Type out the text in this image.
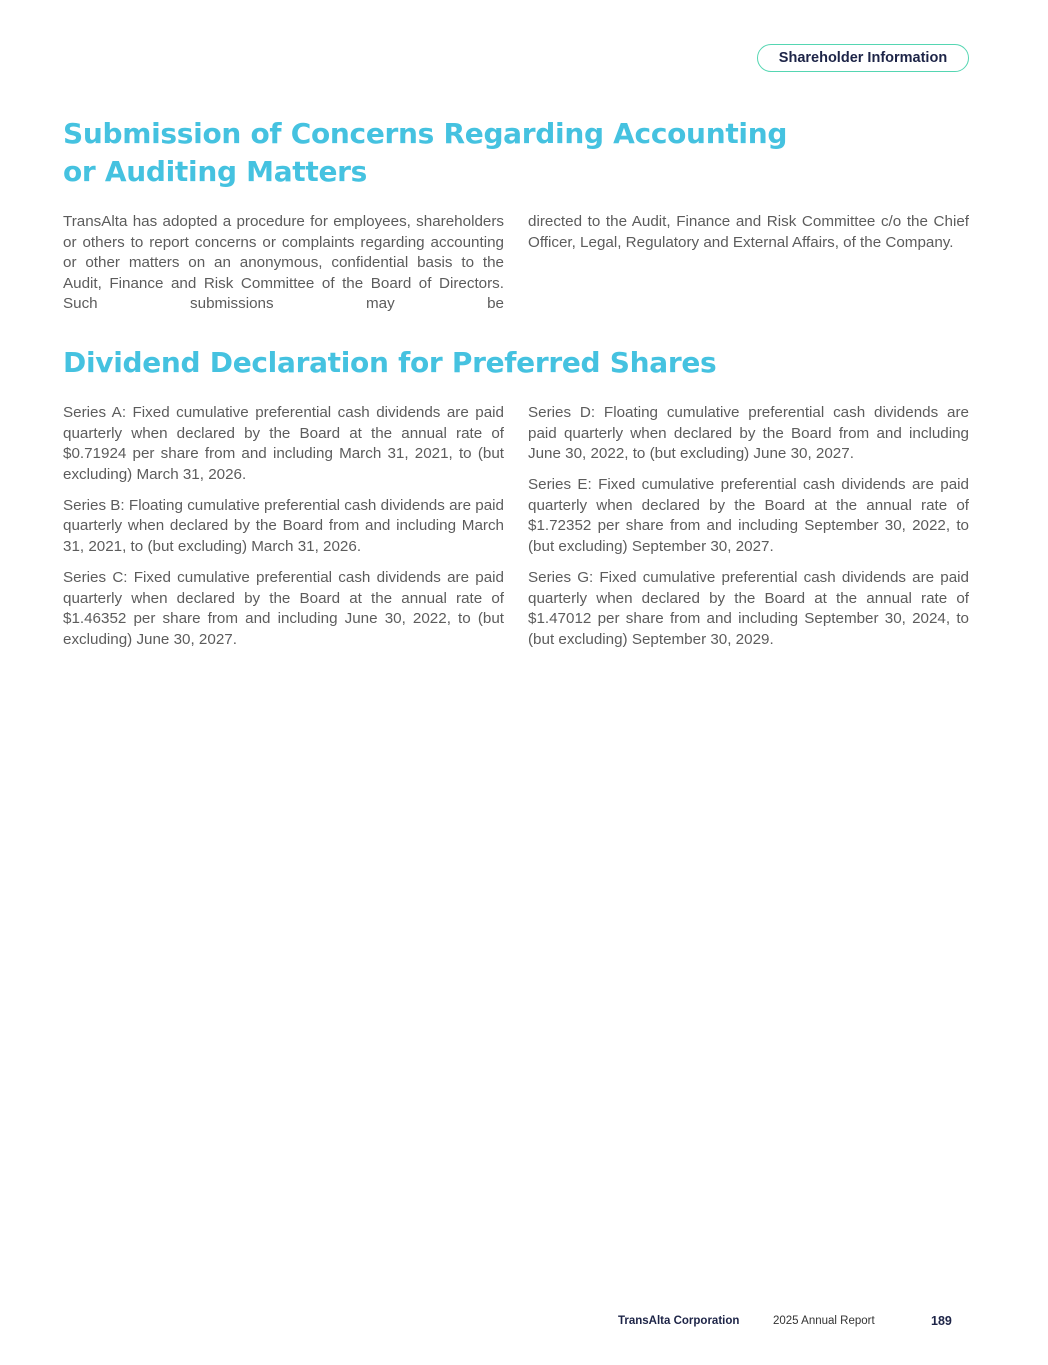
Shareholder Information
Submission of Concerns Regarding Accounting or Auditing Matters

TransAlta has adopted a procedure for employees, shareholders or others to report concerns or complaints regarding accounting or other matters on an anonymous, confidential basis to the Audit, Finance and Risk Committee of the Board of Directors. Such submissions may be

directed to the Audit, Finance and Risk Committee c/o the Chief Officer, Legal, Regulatory and External Affairs, of the Company.

Dividend Declaration for Preferred Shares

Series A: Fixed cumulative preferential cash dividends are paid quarterly when declared by the Board at the annual rate of $0.71924 per share from and including March 31, 2021, to (but excluding) March 31, 2026.

Series B: Floating cumulative preferential cash dividends are paid quarterly when declared by the Board from and including March 31, 2021, to (but excluding) March 31, 2026.

Series C: Fixed cumulative preferential cash dividends are paid quarterly when declared by the Board at the annual rate of $1.46352 per share from and including June 30, 2022, to (but excluding) June 30, 2027.

Series D: Floating cumulative preferential cash dividends are paid quarterly when declared by the Board from and including June 30, 2022, to (but excluding) June 30, 2027.

Series E: Fixed cumulative preferential cash dividends are paid quarterly when declared by the Board at the annual rate of $1.72352 per share from and including September 30, 2022, to (but excluding) September 30, 2027.

Series G: Fixed cumulative preferential cash dividends are paid quarterly when declared by the Board at the annual rate of $1.47012 per share from and including September 30, 2024, to (but excluding) September 30, 2029.

TransAlta Corporation	2025 Annual Report	189
